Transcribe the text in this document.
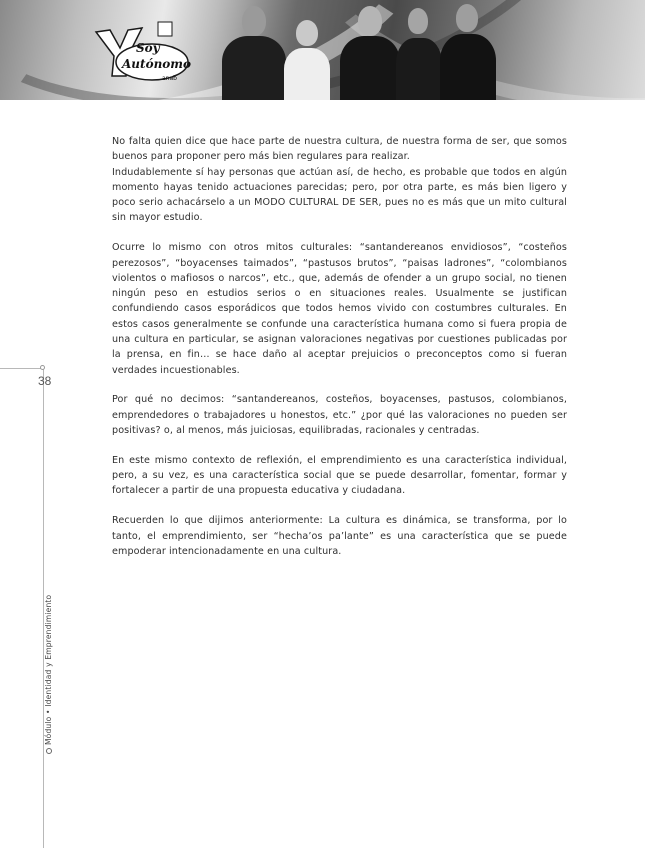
Soy
Autónomo
anab

No falta quien dice que hace parte de nuestra cultura, de nuestra forma de ser, que somos buenos para proponer pero más bien regulares para realizar.

Indudablemente sí hay personas que actúan así, de hecho, es probable que todos en algún momento hayas tenido actuaciones parecidas; pero, por otra parte, es más bien ligero y poco serio achacárselo a un MODO CULTURAL DE SER, pues no es más que un mito cultural sin mayor estudio.

Ocurre lo mismo con otros mitos culturales: “santandereanos envidiosos”, “costeños perezosos”, “boyacenses taimados”, “pastusos brutos”, “paisas ladrones”, “colombianos violentos o mafiosos o narcos”, etc., que, además de ofender a un grupo social, no tienen ningún peso en estudios serios o en situaciones reales. Usualmente se justifican confundiendo casos esporádicos que todos hemos vivido con costumbres culturales. En estos casos generalmente se confunde una característica humana como si fuera propia de una cultura en particular, se asignan valoraciones negativas por cuestiones publicadas por la prensa, en fin… se hace daño al aceptar prejuicios o preconceptos como si fueran verdades incuestionables.

Por qué no decimos: “santandereanos, costeños, boyacenses, pastusos, colombianos, emprendedores o trabajadores u honestos, etc.” ¿por qué las valoraciones no pueden ser positivas? o, al menos, más juiciosas, equilibradas, racionales y centradas.

En este mismo contexto de reflexión, el emprendimiento es una característica individual, pero, a su vez, es una característica social que se puede desarrollar, fomentar, formar y fortalecer a partir de una propuesta educativa y ciudadana.

Recuerden lo que dijimos anteriormente: La cultura es dinámica, se transforma, por lo tanto, el emprendimiento, ser “hecha’os pa’lante” es una característica que se puede empoderar intencionadamente en una cultura.

38
Módulo • Identidad y Emprendimiento
